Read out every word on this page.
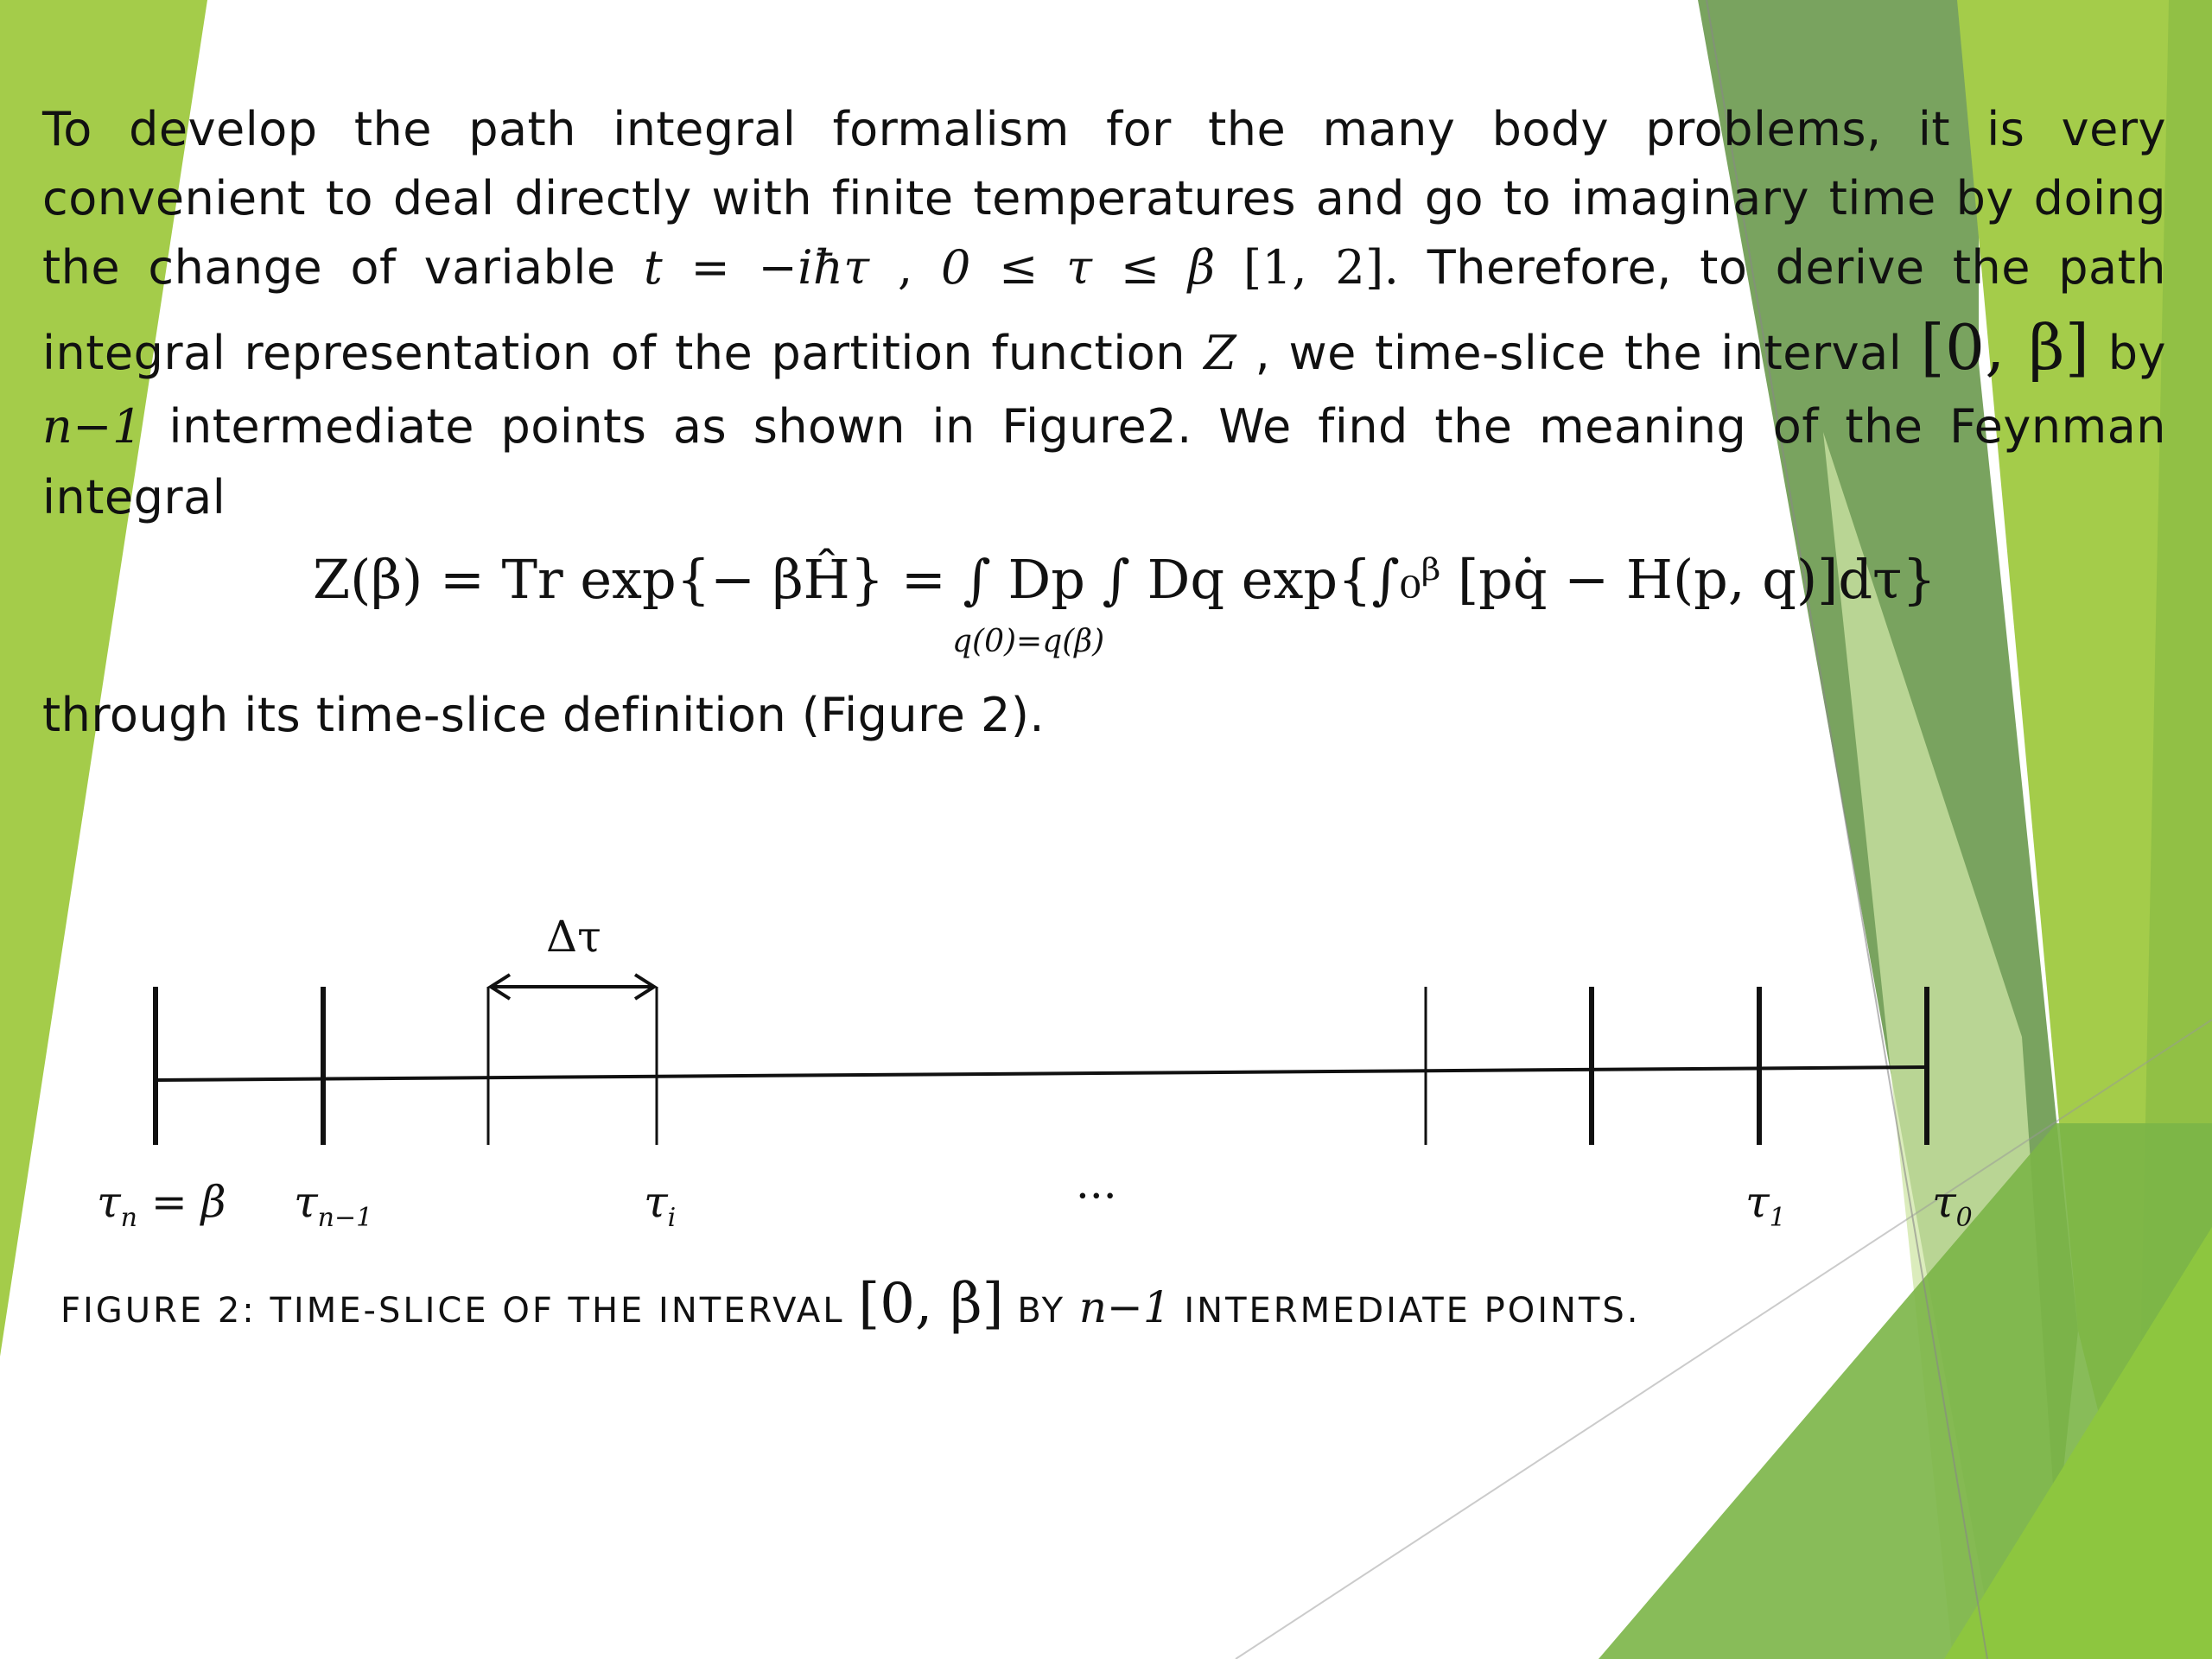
To develop the path integral formalism for the many body problems, it is very
convenient to deal directly with finite temperatures and go to imaginary time by doing
the change of variable t = −iħτ , 0 ≤ τ ≤ β [1, 2]. Therefore, to derive the path
integral representation of the partition function Z , we time-slice the interval [0, β] by
n−1 intermediate points as shown in Figure2. We find the meaning of the Feynman
integral
Z(β) = Tr exp{− βĤ} = ∫ Dp ∫ Dq exp{∫₀ᵝ [pq̇ − H(p, q)]dτ}
q(0)=q(β)
through its time-slice definition (Figure 2).
Δτ
$\tau_n = \beta$ $\tau_{n-1}$	$\tau_i$	···	$\tau_1$	$\tau_0$
FIGURE 2: TIME-SLICE OF THE INTERVAL [0, β] BY n−1 INTERMEDIATE POINTS.
